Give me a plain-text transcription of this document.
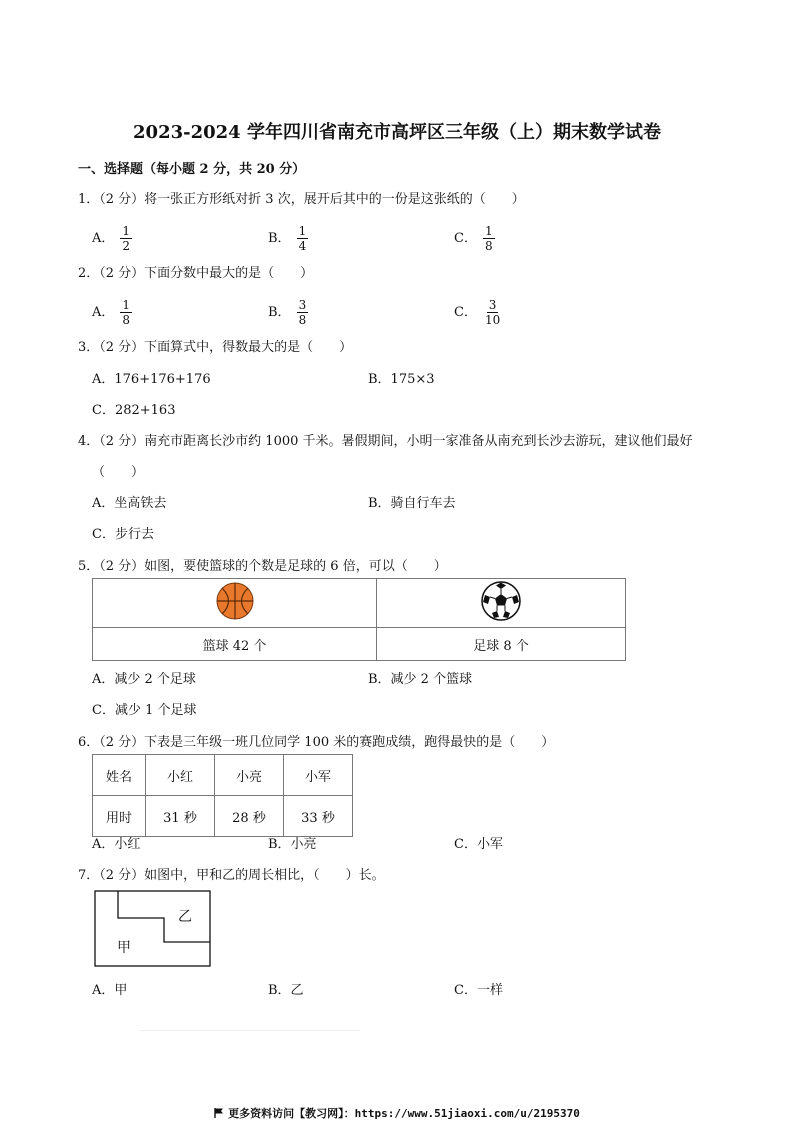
2023-2024 学年四川省南充市高坪区三年级（上）期末数学试卷
一、选择题（每小题 2 分，共 20 分）
1．（2 分）将一张正方形纸对折 3 次，展开后其中的一份是这张纸的（　　）
A． $\frac{1}{2}$	B． $\frac{1}{4}$	C． $\frac{1}{8}$
2．（2 分）下面分数中最大的是（　　）
A． $\frac{1}{8}$	B． $\frac{3}{8}$	C． $\frac{3}{10}$
3．（2 分）下面算式中，得数最大的是（　　）
A．176+176+176	B．175×3
C．282+163
4．（2 分）南充市距离长沙市约 1000 千米。暑假期间，小明一家准备从南充到长沙去游玩，建议他们最好
（　　）
A．坐高铁去	B．骑自行车去
C．步行去
5．（2 分）如图，要使篮球的个数是足球的 6 倍，可以（　　）

篮球 42 个	足球 8 个
A．减少 2 个足球	B．减少 2 个篮球
C．减少 1 个足球
6．（2 分）下表是三年级一班几位同学 100 米的赛跑成绩，跑得最快的是（　　）
姓名	小红	小亮	小军
用时	31 秒	28 秒	33 秒
A．小红	B．小亮	C．小军
7．（2 分）如图中，甲和乙的周长相比，（　　）长。
乙
甲
A．甲	B．乙	C．一样
更多资料访问【教习网】：https://www.51jiaoxi.com/u/2195370
